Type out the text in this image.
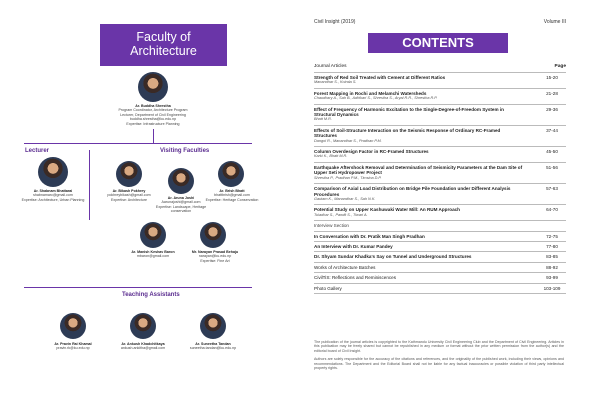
Faculty of
Architecture
Ar. Buddha Shrestha
Program Coordinator, Architecture Program
Lecturer, Department of Civil Engineering
buddha.shrestha@ku.edu.np
Expertise: Infrastructure Planning
Lecturer	Visiting Faculties
Ar. Shabnam Bhattarai
shabnamarc@gmail.com
Expertise: Architecture, Urban Planning
Ar. Bikash Pokhrey
pokhreybikash@gmail.com
Expertise: Architecture	Ar. Aruna Joshi
Aarunajoshi@gmail.com
Expertise: Landscape, Heritage conservation
Ar. Brish Bhatt
bhattbrish@gmail.com
Expertise: Heritage Conservation
Ar. Manish Keshav Baron
mbaron@gmail.com
Mr. Narayan Prasad Behaju
narayan@ku.edu.np
Expertise: Fine Art
Teaching Assistants
Ar. Pravin Rai Khamal
pravin.rk@ku.edu.np
Ar. Ankush Khadchitkaya
ankush.ankitha@gmail.com
Ar. Suneetha Tandan
suneetha.tandan@ku.edu.np
Civil Insight (2019)	Volume III
CONTENTS
Journal Articles	Page
Strength of Red Soil Treated with Cement at Different Ratios
Manandhar S., Koirala S.
15-20
Forest Mapping in Rochi and Melamchi Watersheds
Chaudhary A., Sah B., Adhikari S., Shrestha S., Aryal R.R., Shrestha R.P.
21-28
Effect of Frequency of Harmonic Excitation to the Single-Degree-of-Freedom System in Structural Dynamics
Bhatt M.R.
29-36
Effects of Soil-Structure Interaction on the Seismic Response of Ordinary RC-Framed Structures
Dangol R., Manandhar S., Pradhan P.M.
37-44
Column Overdesign Factor in RC-Framed Structures
Karki K., Bhatt M.R.
45-50
Earthquake Aftershock Removal and Determination of Seismicity Parameters at the Dam Site of Upper Seti Hydropower Project
Shrestha P., Pradhan P.M., Timsina D.P.
51-56
Comparison of Axial Load Distribution on Bridge Pile Foundation under Different Analysis Procedures
Gautam K., Manandhar S., Sah N.K.
57-63
Potential Study on Upper Kashuwaki Water Mill: An RUM Approach
Tuladhar S., Pandit S., Tiwari A.
64-70
Interview Section
In Conversation with Dr. Pratik Man Singh Pradhan	72-75
An Interview with Dr. Kumar Pandey	77-80
Dr. Shyam Sundar Khadka's Say on Tunnel and Underground Structures	83-85
Works of Architecture Batches	88-92
CivilTiS: Reflections and Reminiscences	93-99
Photo Gallery	103-109

The publication of the journal articles is copyrighted to the Kathmandu University Civil Engineering Club and the Department of Civil Engineering. Articles in this publication may be freely shared but cannot be republished in any medium or format without the prior written permission from the author(s) and the editorial board of Civil Insight.

Authors are solely responsible for the accuracy of the citations and references, and the originality of the published work, including their views, opinions and recommendations. The Department and the Editorial Board shall not be liable for any factual inaccuracies or possible violation of third party intellectual property rights.
